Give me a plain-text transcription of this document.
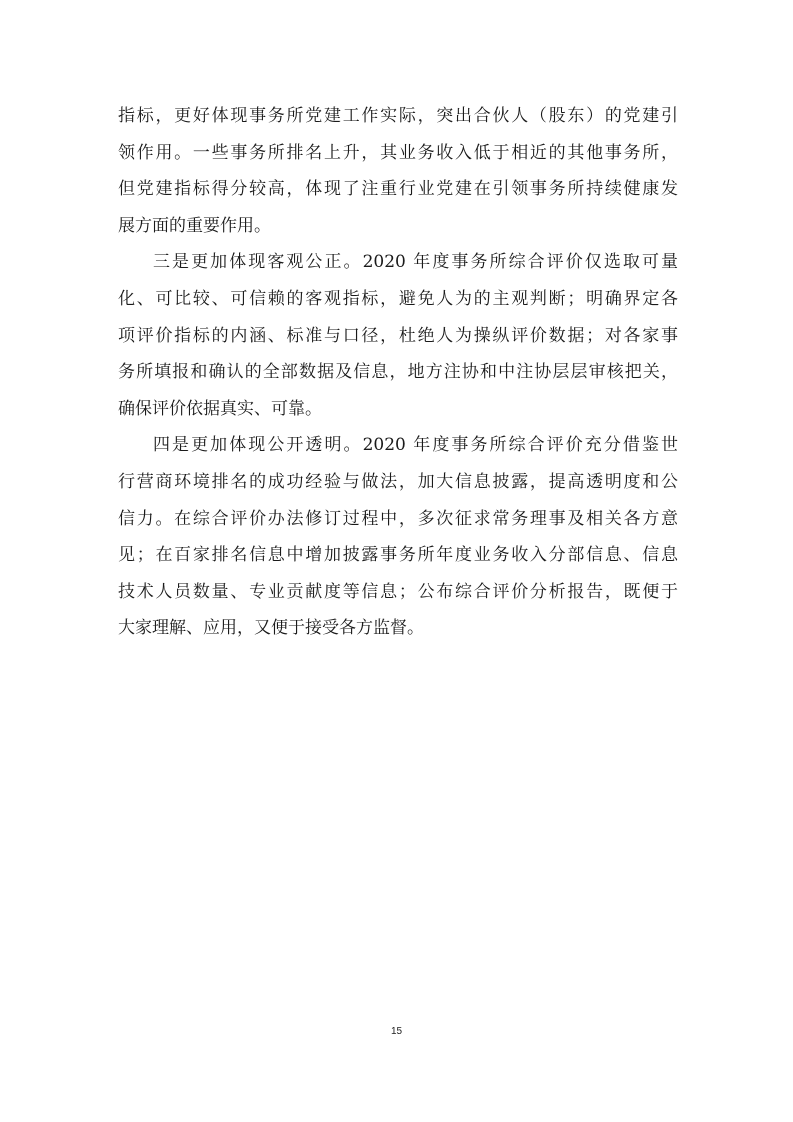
指标，更好体现事务所党建工作实际，突出合伙人（股东）的党建引
领作用。一些事务所排名上升，其业务收入低于相近的其他事务所，
但党建指标得分较高，体现了注重行业党建在引领事务所持续健康发
展方面的重要作用。
三是更加体现客观公正。2020 年度事务所综合评价仅选取可量
化、可比较、可信赖的客观指标，避免人为的主观判断；明确界定各
项评价指标的内涵、标准与口径，杜绝人为操纵评价数据；对各家事
务所填报和确认的全部数据及信息，地方注协和中注协层层审核把关，
确保评价依据真实、可靠。
四是更加体现公开透明。2020 年度事务所综合评价充分借鉴世
行营商环境排名的成功经验与做法，加大信息披露，提高透明度和公
信力。在综合评价办法修订过程中，多次征求常务理事及相关各方意
见；在百家排名信息中增加披露事务所年度业务收入分部信息、信息
技术人员数量、专业贡献度等信息；公布综合评价分析报告，既便于
大家理解、应用，又便于接受各方监督。
15
